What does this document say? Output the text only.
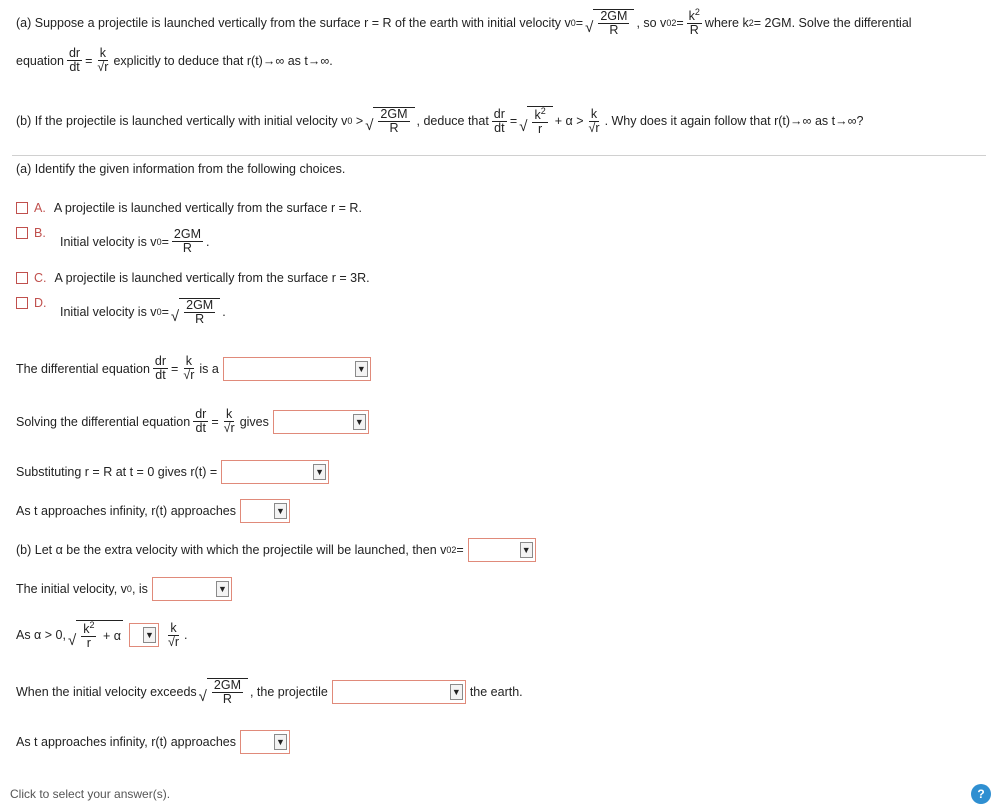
(a) Suppose a projectile is launched vertically from the surface r = R of the earth with initial velocity v 0 = √ $\frac{2GM}{R}$ , so v 0 $2 = \frac{k^2}{R}$ where k 2 = 2GM. Solve the differential
equation $\frac{dr}{dt} = \frac{k}{√r}$ explicitly to deduce that r(t)→∞ as t→∞.
(b) If the projectile is launched vertically with initial velocity v 0 > √ $\frac{2GM}{R}$ , deduce that $\frac{dr}{dt}$ = √ $\frac{k^2}{r} + \alpha > \frac{k}{√r}$ . Why does it again follow that r(t)→∞ as t→∞?
(a) Identify the given information from the following choices.
A. A projectile is launched vertically from the surface r = R.
B.
Initial velocity is v $0 = \frac{2GM}{R}$ .
C. A projectile is launched vertically from the surface r = 3R.
D.
Initial velocity is v 0 = √ $\frac{2GM}{R}$ .
The differential equation $\frac{dr}{dt} = \frac{k}{√r}$ is a	▼
Solving the differential equation $\frac{dr}{dt} = \frac{k}{√r}$ gives	▼
Substituting r = R at t = 0 gives r(t) =	▼
As t approaches infinity, r(t) approaches	▼
(b) Let α be the extra velocity with which the projectile will be launched, then v 0 2 =	▼
The initial velocity, v 0 , is	▼
As α > 0, √ $\frac{k^2}{r}$
+ α	▼ $\frac{k}{√r}$ .
When the initial velocity exceeds √ $\frac{2GM}{R}$ , the projectile	▼ the earth.
As t approaches infinity, r(t) approaches	▼
Click to select your answer(s).	?
